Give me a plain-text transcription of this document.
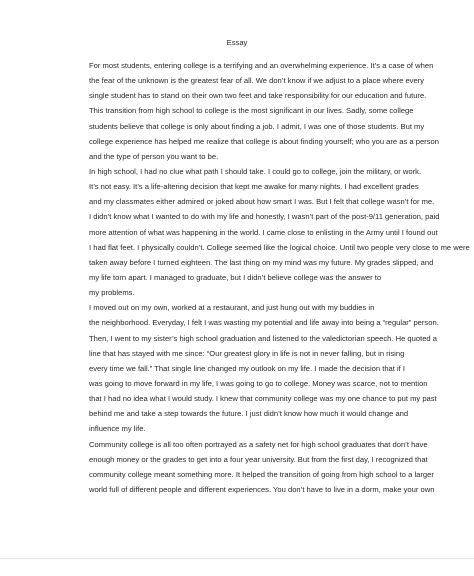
Essay
For most students, entering college is a terrifying and an overwhelming experience. It’s a case of when
the fear of the unknown is the greatest fear of all. We don’t know if we adjust to a place where every
single student has to stand on their own two feet and take responsibility for our education and future.
This transition from high school to college is the most significant in our lives. Sadly, some college
students believe that college is only about finding a job. I admit, I was one of those students. But my
college experience has helped me realize that college is about finding yourself; who you are as a person
and the type of person you want to be.
In high school, I had no clue what path I should take. I could go to college, join the military, or work.
It’s not easy. It’s a life-altering decision that kept me awake for many nights. I had excellent grades
and my classmates either admired or joked about how smart I was. But I felt that college wasn’t for me.
I didn’t know what I wanted to do with my life and honestly, I wasn’t part of the post-9/11 generation, paid
more attention of what was happening in the world. I came close to enlisting in the Army until I found out
I had flat feet. I physically couldn’t. College seemed like the logical choice. Until two people very close to me were
taken away before I turned eighteen. The last thing on my mind was my future. My grades slipped, and
my life torn apart. I managed to graduate, but I didn’t believe college was the answer to
my problems.
I moved out on my own, worked at a restaurant, and just hung out with my buddies in
the neighborhood. Everyday, I felt I was wasting my potential and life away into being a “regular” person.
Then, I went to my sister’s high school graduation and listened to the valedictorian speech. He quoted a
line that has stayed with me since: “Our greatest glory in life is not in never falling, but in rising
every time we fall.” That single line changed my outlook on my life. I made the decision that if I
was going to move forward in my life, I was going to go to college. Money was scarce, not to mention
that I had no idea what I would study. I knew that community college was my one chance to put my past
behind me and take a step towards the future. I just didn’t know how much it would change and
influence my life.
Community college is all too often portrayed as a safety net for high school graduates that don’t have
enough money or the grades to get into a four year university. But from the first day, I recognized that
community college meant something more. It helped the transition of going from high school to a larger
world full of different people and different experiences. You don’t have to live in a dorm, make your own
